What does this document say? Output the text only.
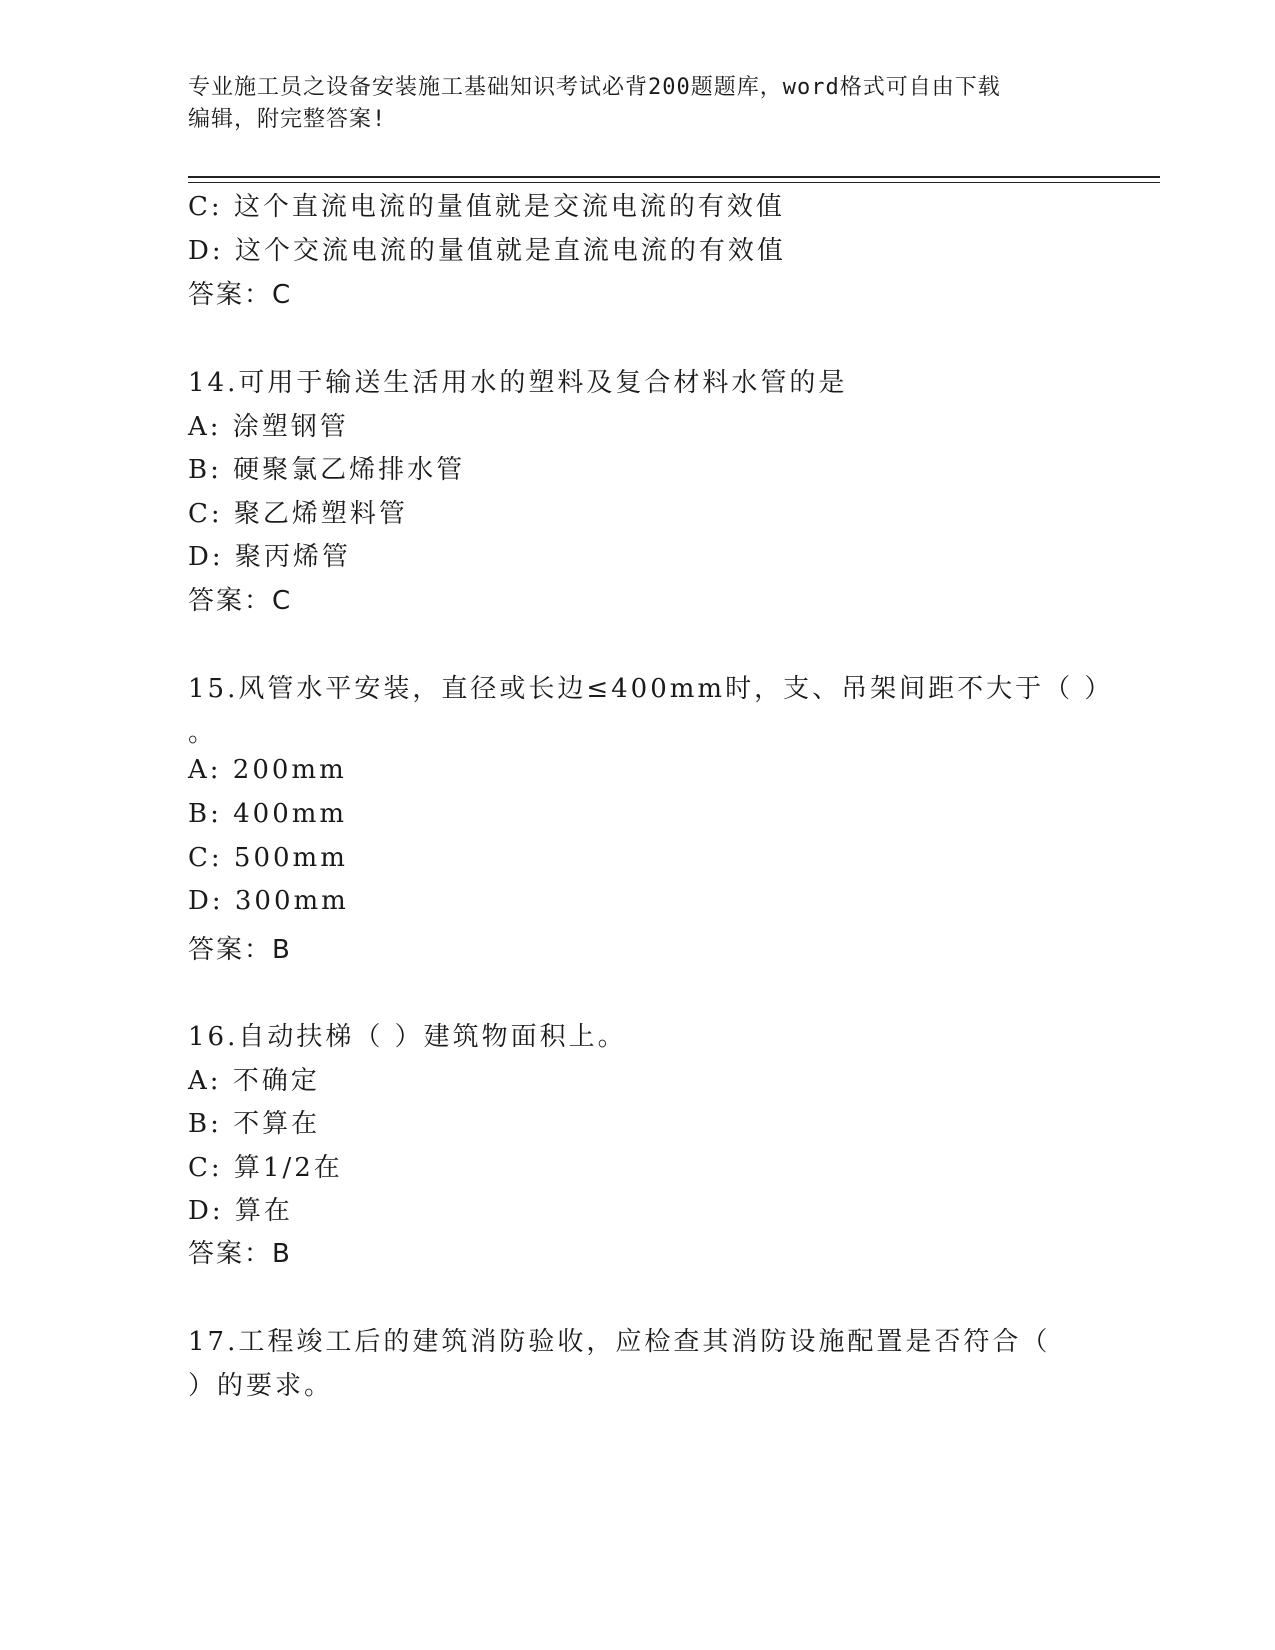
专业施工员之设备安装施工基础知识考试必背200题题库，word格式可自由下载
编辑，附完整答案!
C: 这个直流电流的量值就是交流电流的有效值
D: 这个交流电流的量值就是直流电流的有效值
答案：C
14.可用于输送生活用水的塑料及复合材料水管的是
A: 涂塑钢管
B: 硬聚氯乙烯排水管
C: 聚乙烯塑料管
D: 聚丙烯管
答案：C
15.风管水平安装，直径或长边≤400mm时，支、吊架间距不大于（ ）
。
A: 200mm
B: 400mm
C: 500mm
D: 300mm
答案：B
16.自动扶梯（ ）建筑物面积上。
A: 不确定
B: 不算在
C: 算1/2在
D: 算在
答案：B
17.工程竣工后的建筑消防验收，应检查其消防设施配置是否符合（
）的要求。
